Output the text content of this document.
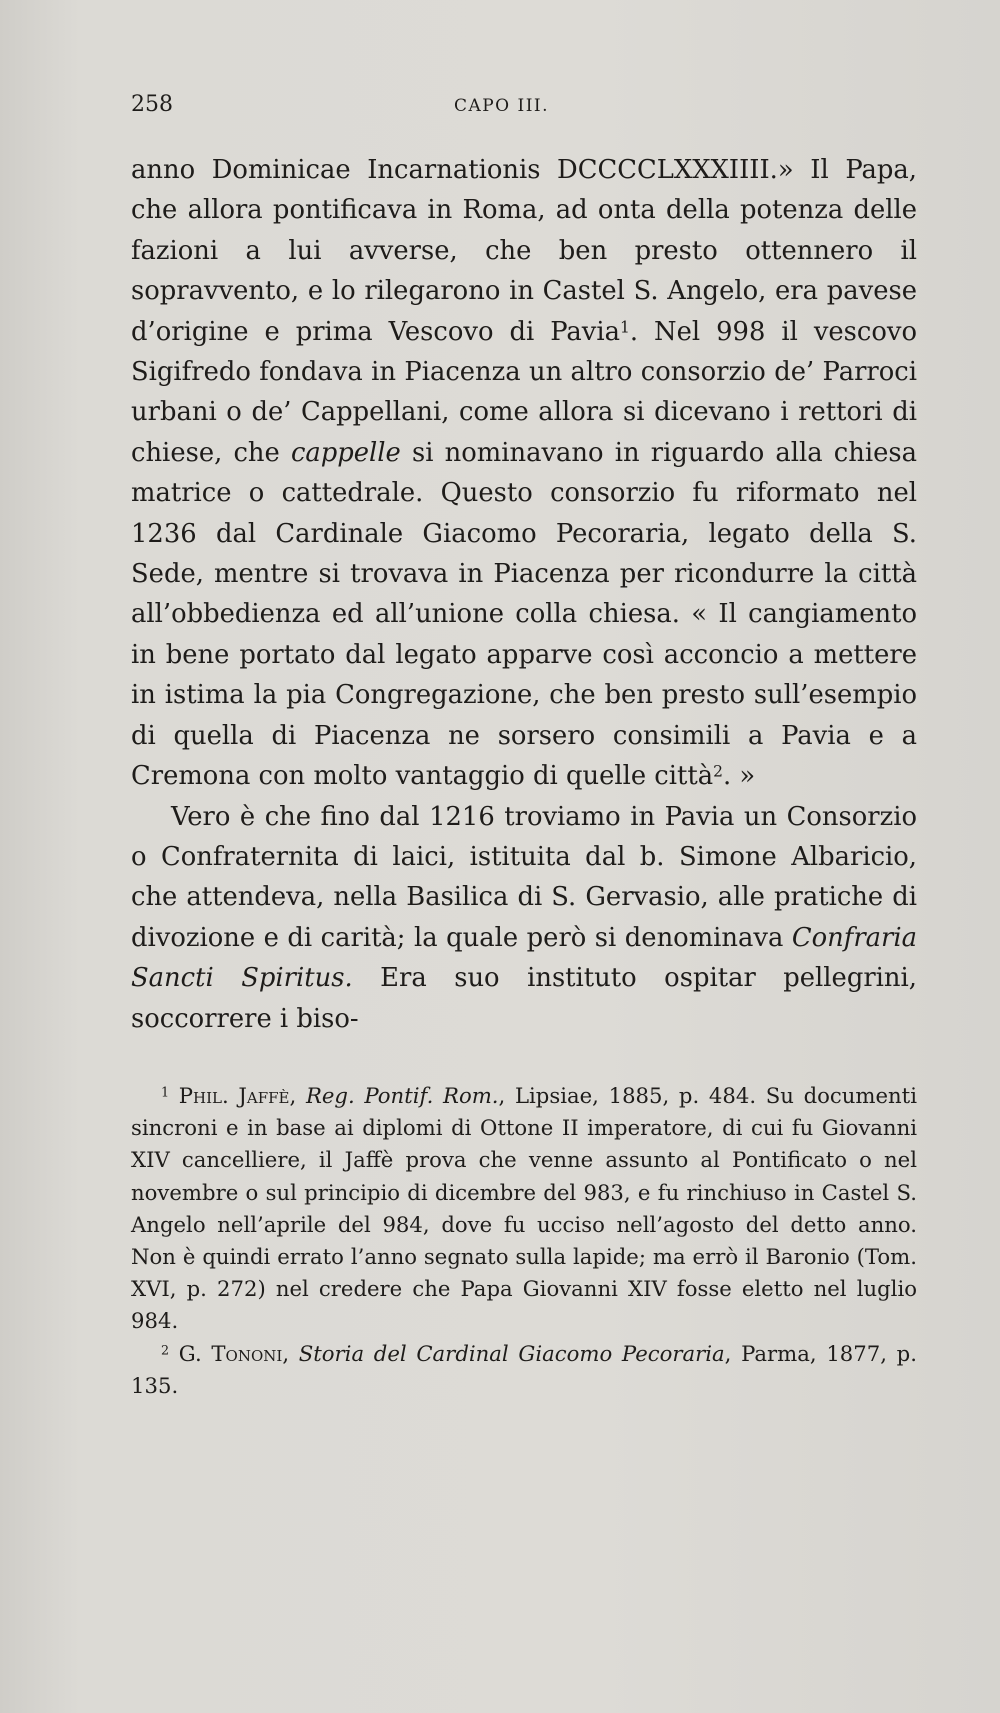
258	CAPO III.

anno Dominicae Incarnationis DCCCCLXXXIIII.» Il Papa, che allora pontificava in Roma, ad onta della potenza delle fazioni a lui avverse, che ben presto ottennero il sopravvento, e lo rilegarono in Castel S. Angelo, era pavese d’origine e prima Vescovo di Pavia$^1$. Nel 998 il vescovo Sigifredo fondava in Piacenza un altro consorzio de’ Parroci urbani o de’ Cappellani, come allora si dicevano i rettori di chiese, che cappelle si nominavano in riguardo alla chiesa matrice o cattedrale. Questo consorzio fu riformato nel 1236 dal Cardinale Giacomo Pecoraria, legato della S. Sede, mentre si trovava in Piacenza per ricondurre la città all’obbedienza ed all’unione colla chiesa. « Il cangiamento in bene portato dal legato apparve così acconcio a mettere in istima la pia Congregazione, che ben presto sull’esempio di quella di Piacenza ne sorsero consimili a Pavia e a Cremona con molto vantaggio di quelle città$^2$. »

Vero è che fino dal 1216 troviamo in Pavia un Consorzio o Confraternita di laici, istituita dal b. Simone Albaricio, che attendeva, nella Basilica di S. Gervasio, alle pratiche di divozione e di carità; la quale però si denominava Confraria Sancti Spiritus. Era suo instituto ospitar pellegrini, soccorrere i biso-

$^1$ Phil. Jaffè, Reg. Pontif. Rom., Lipsiae, 1885, p. 484. Su documenti sincroni e in base ai diplomi di Ottone II imperatore, di cui fu Giovanni XIV cancelliere, il Jaffè prova che venne assunto al Pontificato o nel novembre o sul principio di dicembre del 983, e fu rinchiuso in Castel S. Angelo nell’aprile del 984, dove fu ucciso nell’agosto del detto anno. Non è quindi errato l’anno segnato sulla lapide; ma errò il Baronio (Tom. XVI, p. 272) nel credere che Papa Giovanni XIV fosse eletto nel luglio 984.

$^2$ G. Tononi, Storia del Cardinal Giacomo Pecoraria, Parma, 1877, p. 135.
